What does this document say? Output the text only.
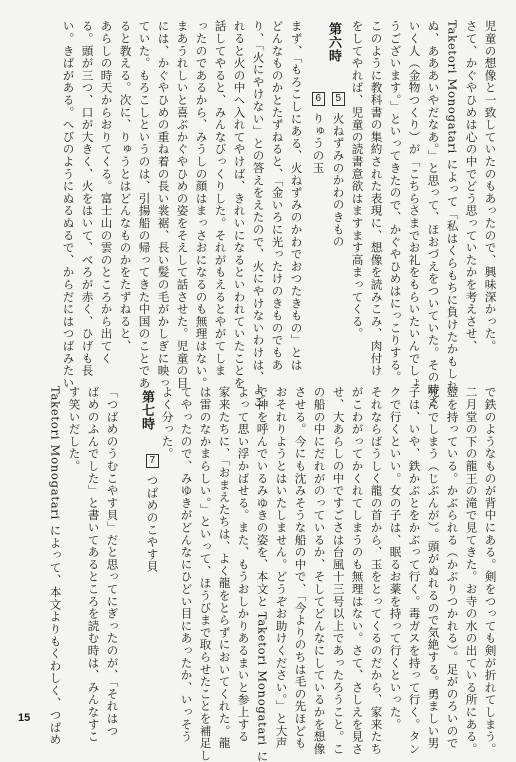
児童の想像と一致していたのもあったので、興味深かった。
さて、かぐやひめは心の中でどう思っていたかを考えさせ、
Taketori Monogatari によって「私はくらもちに負けたかもしれ
ぬ、あああいやだなあ。」と思って、ほおづえをついていた。その時さ
いく人（金物つくり）が「こちらさまでお礼をもらいたいんでしょ
うございます。」といってきたので、かぐやひめはにっこりする。
このように教科書の集約された表現に、想像を読みこみ、肉付け
をしてやれば、児童の読書意欲はますます高まってくる。
第六時
5 火ねずみのかわのきもの
6 りゅうの玉
まず、「もろこしにある、火ねずみのかわでおつたきもの」とは
どんなものかとたずねると、「金いろに光ったけのきものでもあ
り、「火にやけない」との答えをえたので、火にやけないわけは、よご
れると火の中へ入れてやけば、きれいになるといわれていたことを
話してやると、みんなびっくりした。それがもえるとやがてしま
ったのであるから、みうしの顔はまっさおになるのも無理はない。
まあうれしいと喜ぶかぐやひめの姿をそえして話させた。児童の目
には、かぐやひめの重ね着の長い裳裾、長い髪の毛がかしぎに映っ
ていた。もろこしというのは、引揚船の帰ってきた中国のことであ
ると教える。次に、りゅうとはどんなものかをたずねると、
あらしの時天からおりてくる。富士山の雲のところから出てく
る。頭が三つ、口が大きく、火をはいて、べろが赤く、ひげも長
い。きばがある。へびのようにぬるぬるで、からだにはつばみたい
で鉄のようなものが背中にある。剣をつっても剣が折れてしまう。
二月堂の下の龍王の滝で見てきた。お寺の水の出ている所にある。
壺を持っている。かぶられる（かぶりつかれる）。足がのろいので
死んでしまう（じぶんが）。頭がぬれるので気絶する。勇ましい男
子は、いや、鉄かぶとをかぶって行く。毒ガスを持って行く。タン
クで行くといい。女の子は、眠るお薬を持って行くといった。
それならばうしく龍の首から、玉をとってくるのだから、家来たち
がこわがってかくれてしまうのも無理はない。さて、さしえを見さ
せ、大あらしの中ですごさは台風十三号以上であったろうこと。こ
の船の中にだれがのっているか、そしてどんなにしているかを想像
させる。今にも沈みそうな船の中で、「今よりのちは毛の先ほども
おそれりようとはいたしません。どうぞお助けください。」と大声
で神を呼んでいるみゆきの姿を、本文と Taketori Monogatari に
よって思い浮かばせる。また、もうおしかりあるまいと参上する
家来たちに、「おまえたちは、よく龍をとらずにおいてくれた。龍
は雷のなかまらしい。」といって、ほうびまで取らせたことを補足し
てやったので、みゆきがどんなにひどい目にあったか、いっそう
よく分った。
第七時
7 つばめのこやす貝
「つばめのうむこやす貝」だと思ってにぎったのが、「それはつ
ばめのふんでした」と書いてあるところを読む時は、みんなすこ
す笑いだした。
Taketori Monogatari によって、本文よりもくわしく、つばめ
15
